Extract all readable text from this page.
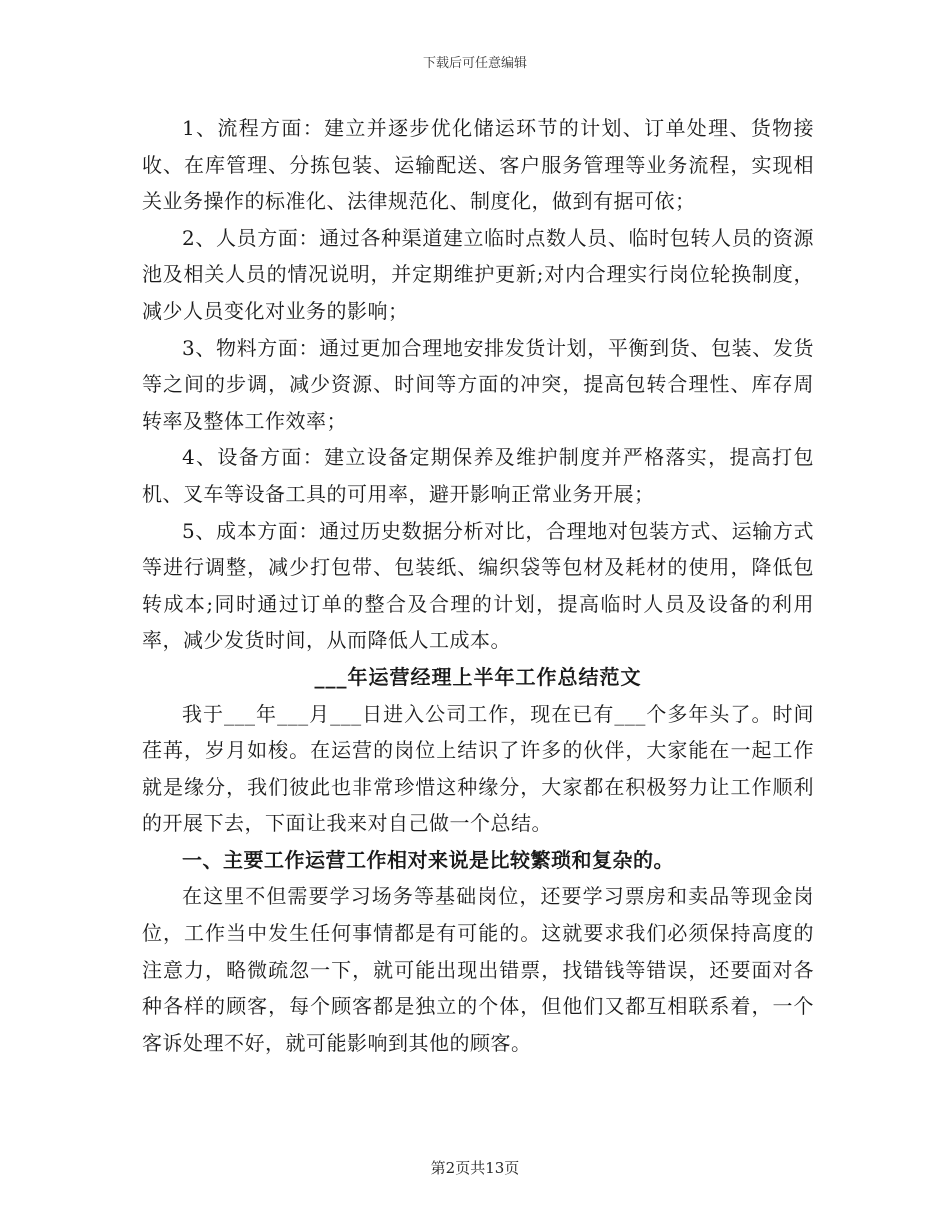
下载后可任意编辑

1、流程方面：建立并逐步优化储运环节的计划、订单处理、货物接收、在库管理、分拣包装、运输配送、客户服务管理等业务流程，实现相关业务操作的标准化、法律规范化、制度化，做到有据可依；

2、人员方面：通过各种渠道建立临时点数人员、临时包转人员的资源池及相关人员的情况说明，并定期维护更新;对内合理实行岗位轮换制度，减少人员变化对业务的影响；

3、物料方面：通过更加合理地安排发货计划，平衡到货、包装、发货等之间的步调，减少资源、时间等方面的冲突，提高包转合理性、库存周转率及整体工作效率；

4、设备方面：建立设备定期保养及维护制度并严格落实，提高打包机、叉车等设备工具的可用率，避开影响正常业务开展；

5、成本方面：通过历史数据分析对比，合理地对包装方式、运输方式等进行调整，减少打包带、包装纸、编织袋等包材及耗材的使用，降低包转成本;同时通过订单的整合及合理的计划，提高临时人员及设备的利用率，减少发货时间，从而降低人工成本。

___年运营经理上半年工作总结范文

我于___年___月___日进入公司工作，现在已有___个多年头了。时间荏苒，岁月如梭。在运营的岗位上结识了许多的伙伴，大家能在一起工作就是缘分，我们彼此也非常珍惜这种缘分，大家都在积极努力让工作顺利的开展下去，下面让我来对自己做一个总结。

一、主要工作运营工作相对来说是比较繁琐和复杂的。

在这里不但需要学习场务等基础岗位，还要学习票房和卖品等现金岗位，工作当中发生任何事情都是有可能的。这就要求我们必须保持高度的注意力，略微疏忽一下，就可能出现出错票，找错钱等错误，还要面对各种各样的顾客，每个顾客都是独立的个体，但他们又都互相联系着，一个客诉处理不好，就可能影响到其他的顾客。

第2页共13页
